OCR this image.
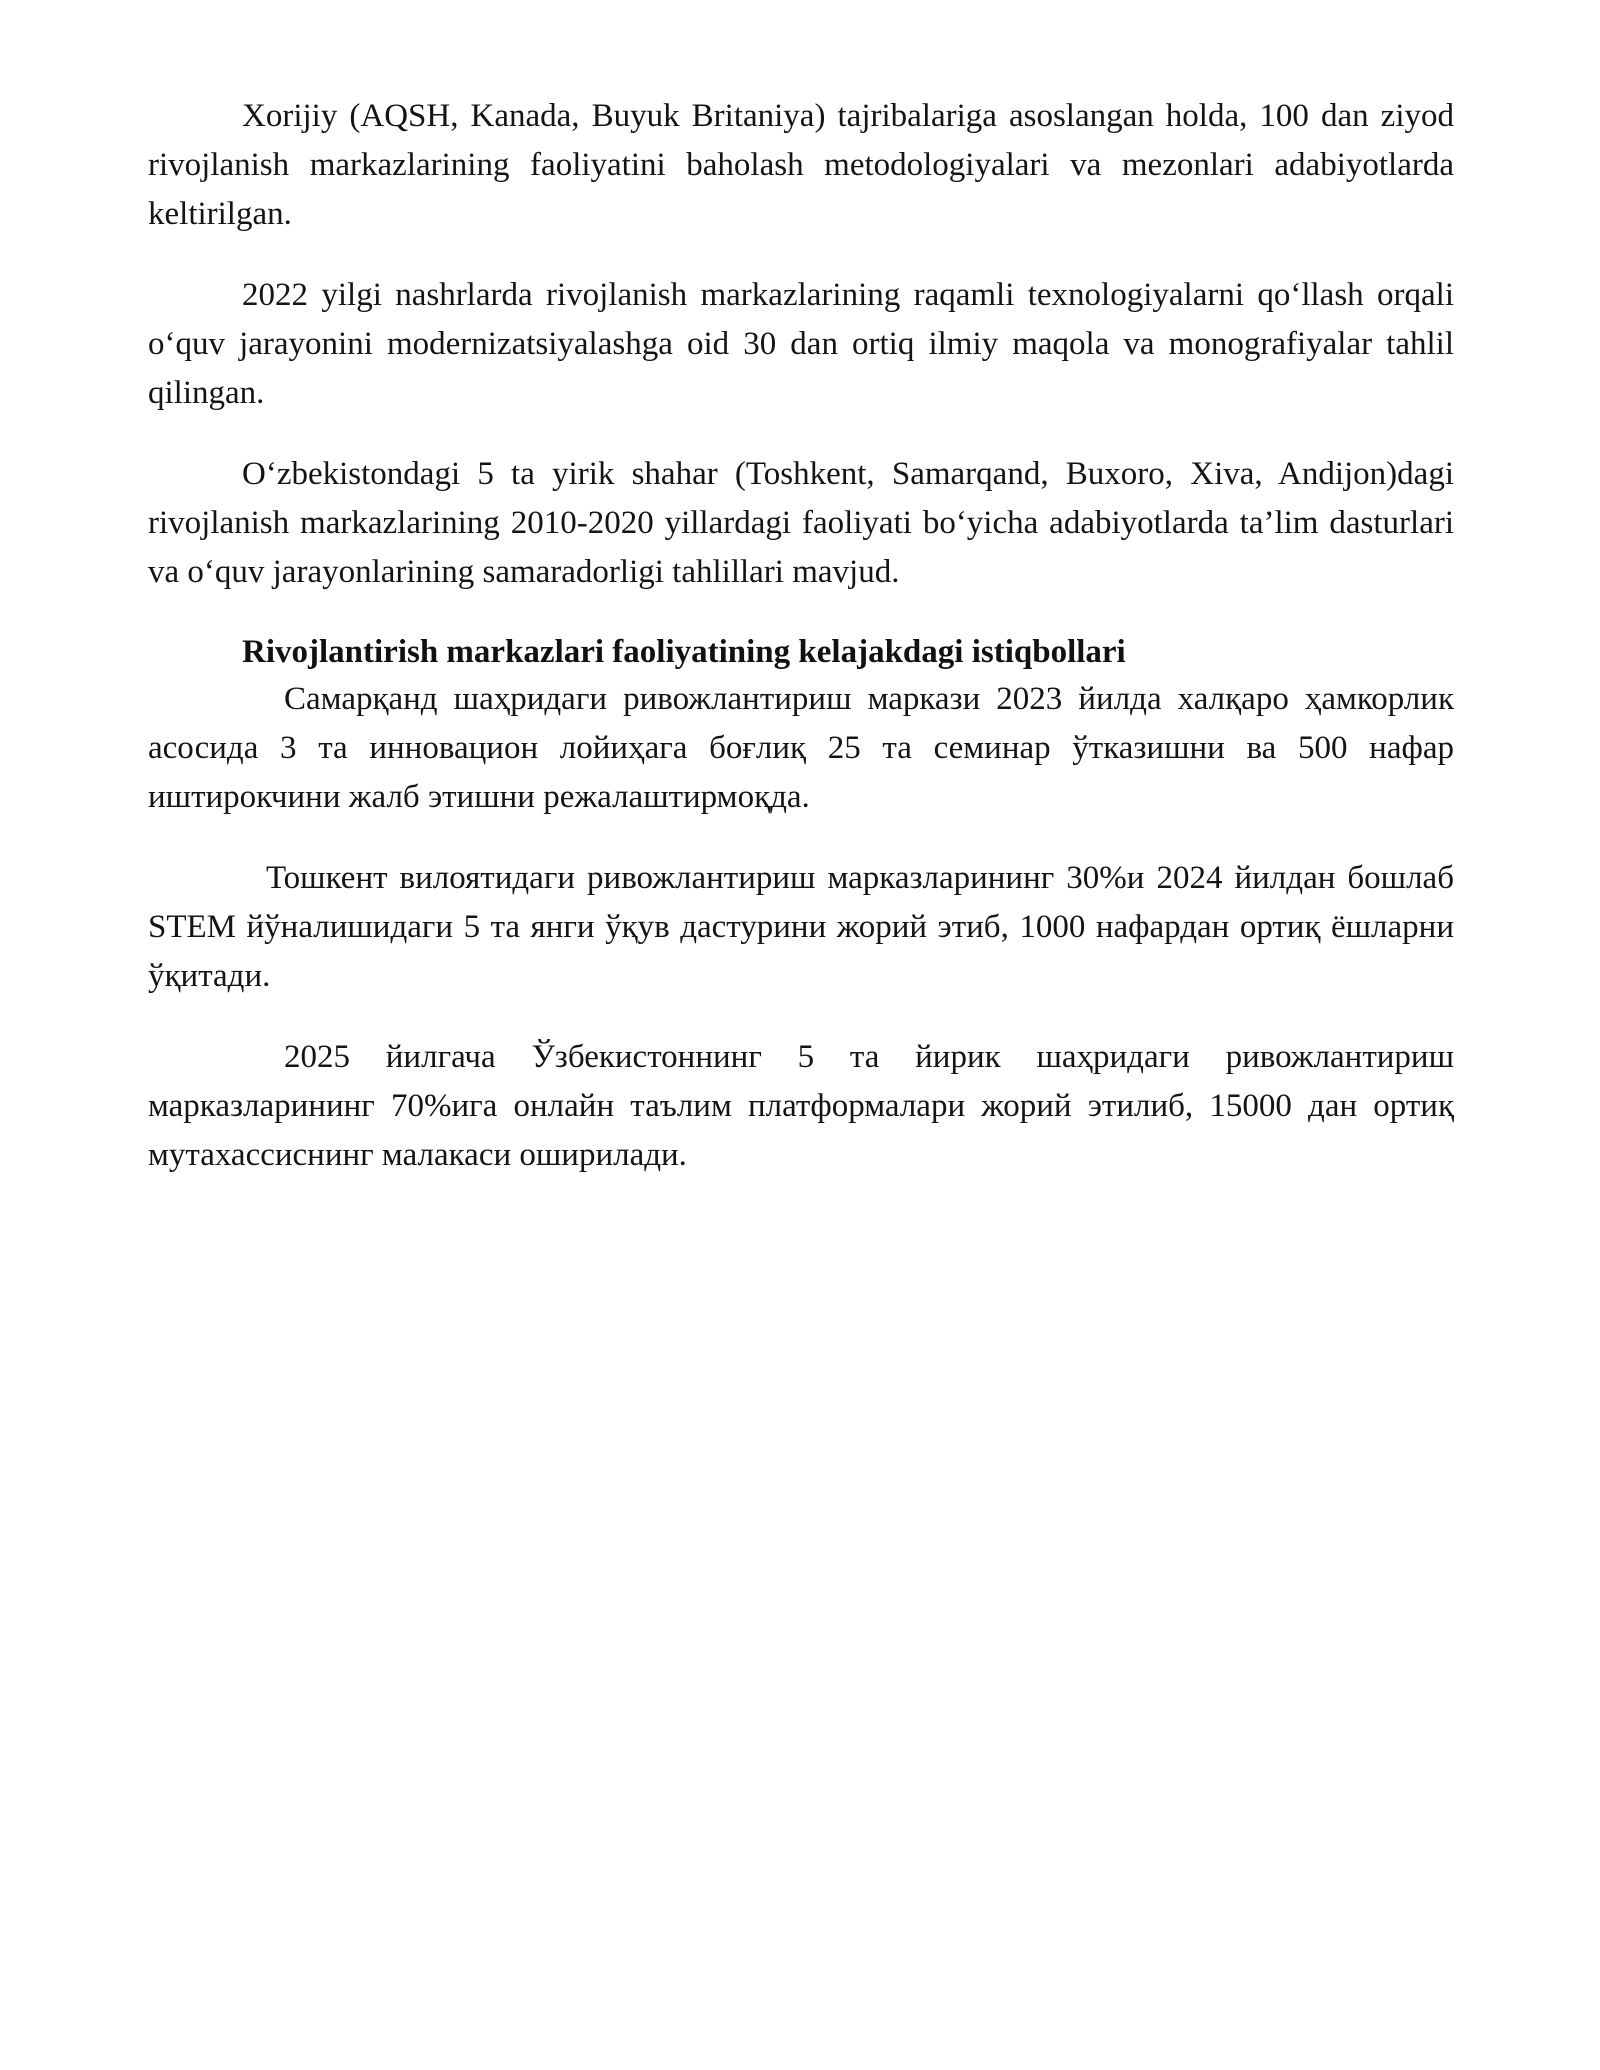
Xorijiy (AQSH, Kanada, Buyuk Britaniya) tajribalariga asoslangan holda, 100 dan ziyod rivojlanish markazlarining faoliyatini baholash metodologiyalari va mezonlari adabiyotlarda keltirilgan.

2022 yilgi nashrlarda rivojlanish markazlarining raqamli texnologiyalarni qo‘llash orqali o‘quv jarayonini modernizatsiyalashga oid 30 dan ortiq ilmiy maqola va monografiyalar tahlil qilingan.

O‘zbekistondagi 5 ta yirik shahar (Toshkent, Samarqand, Buxoro, Xiva, Andijon)dagi rivojlanish markazlarining 2010-2020 yillardagi faoliyati bo‘yicha adabiyotlarda ta’lim dasturlari va o‘quv jarayonlarining samaradorligi tahlillari mavjud.

Rivojlantirish markazlari faoliyatining kelajakdagi istiqbollari

Самарқанд шаҳридаги ривожлантириш маркази 2023 йилда халқаро ҳамкорлик асосида 3 та инновацион лойиҳага боғлиқ 25 та семинар ўтказишни ва 500 нафар иштирокчини жалб этишни режалаштирмоқда.

Тошкент вилоятидаги ривожлантириш марказларининг 30%и 2024 йилдан бошлаб STEM йўналишидаги 5 та янги ўқув дастурини жорий этиб, 1000 нафардан ортиқ ёшларни ўқитади.

2025 йилгача Ўзбекистоннинг 5 та йирик шаҳридаги ривожлантириш марказларининг 70%ига онлайн таълим платформалари жорий этилиб, 15000 дан ортиқ мутахассиснинг малакаси оширилади.
